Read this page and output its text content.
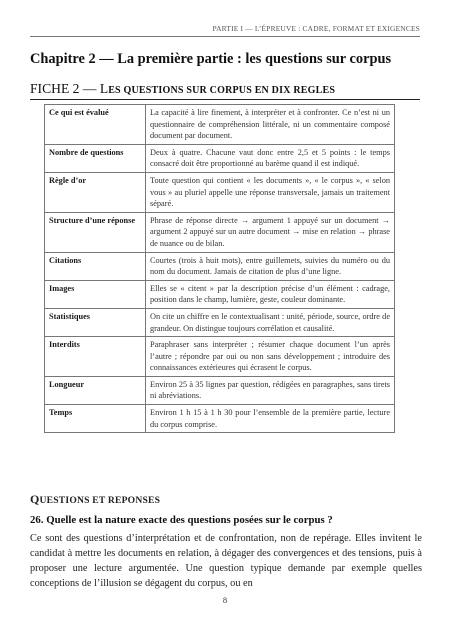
PARTIE I — L’ÉPREUVE : CADRE, FORMAT ET EXIGENCES
Chapitre 2 — La première partie : les questions sur corpus
FICHE 2 — LES QUESTIONS SUR CORPUS EN DIX REGLES
Ce qui est évalué	La capacité à lire finement, à interpréter et à confronter. Ce n’est ni un questionnaire de compréhension littérale, ni un commentaire composé document par document.
Nombre de questions	Deux à quatre. Chacune vaut donc entre 2,5 et 5 points : le temps consacré doit être proportionné au barème quand il est indiqué.
Règle d’or	Toute question qui contient « les documents », « le corpus », « selon vous » au pluriel appelle une réponse transversale, jamais un traitement séparé.
Structure d’une réponse	Phrase de réponse directe → argument 1 appuyé sur un document → argument 2 appuyé sur un autre document → mise en relation → phrase de nuance ou de bilan.
Citations	Courtes (trois à huit mots), entre guillemets, suivies du numéro ou du nom du document. Jamais de citation de plus d’une ligne.
Images	Elles se « citent » par la description précise d’un élément : cadrage, position dans le champ, lumière, geste, couleur dominante.
Statistiques	On cite un chiffre en le contextualisant : unité, période, source, ordre de grandeur. On distingue toujours corrélation et causalité.
Interdits	Paraphraser sans interpréter ; résumer chaque document l’un après l’autre ; répondre par oui ou non sans développement ; introduire des connaissances extérieures qui écrasent le corpus.
Longueur	Environ 25 à 35 lignes par question, rédigées en paragraphes, sans tirets ni abréviations.
Temps	Environ 1 h 15 à 1 h 30 pour l’ensemble de la première partie, lecture du corpus comprise.
QUESTIONS ET REPONSES
26. Quelle est la nature exacte des questions posées sur le corpus ?
Ce sont des questions d’interprétation et de confrontation, non de repérage. Elles invitent le candidat à mettre les documents en relation, à dégager des convergences et des tensions, puis à proposer une lecture argumentée. Une question typique demande par exemple quelles conceptions de l’illusion se dégagent du corpus, ou en
8
